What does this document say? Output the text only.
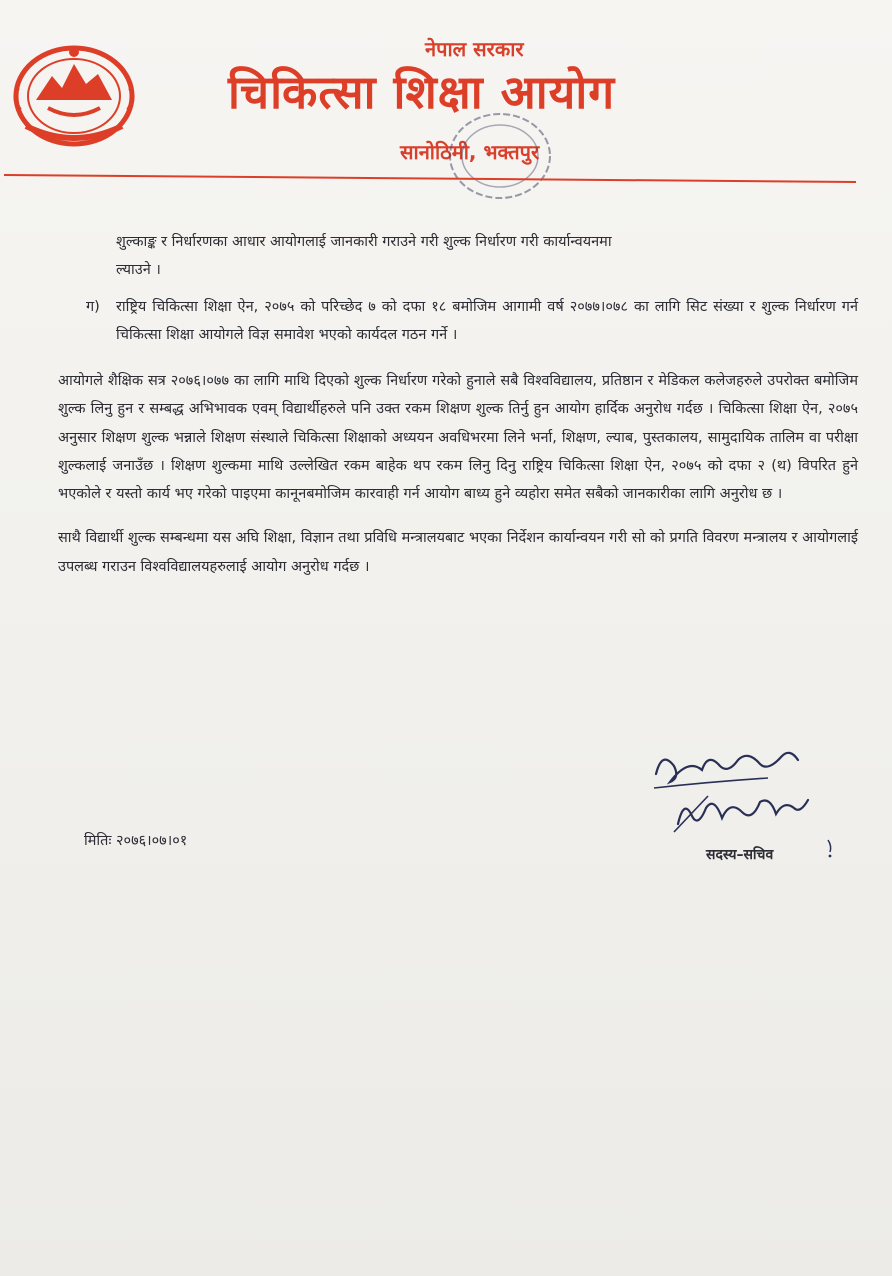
नेपाल सरकार
चिकित्सा शिक्षा आयोग
सानोठिमी, भक्तपुर

शुल्काङ्क र निर्धारणका आधार आयोगलाई जानकारी गराउने गरी शुल्क निर्धारण गरी कार्यान्वयनमा

ल्याउने ।

ग)	राष्ट्रिय चिकित्सा शिक्षा ऐन, २०७५ को परिच्छेद ७ को दफा १८ बमोजिम आगामी वर्ष २०७७।०७८ का लागि सिट संख्या र शुल्क निर्धारण गर्न चिकित्सा शिक्षा आयोगले विज्ञ समावेश भएको कार्यदल गठन गर्ने ।

आयोगले शैक्षिक सत्र २०७६।०७७ का लागि माथि दिएको शुल्क निर्धारण गरेको हुनाले सबै विश्वविद्यालय, प्रतिष्ठान र मेडिकल कलेजहरुले उपरोक्त बमोजिम शुल्क लिनु हुन र सम्बद्ध अभिभावक एवम् विद्यार्थीहरुले पनि उक्त रकम शिक्षण शुल्क तिर्नु हुन आयोग हार्दिक अनुरोध गर्दछ । चिकित्सा शिक्षा ऐन, २०७५ अनुसार शिक्षण शुल्क भन्नाले शिक्षण संस्थाले चिकित्सा शिक्षाको अध्ययन अवधिभरमा लिने भर्ना, शिक्षण, ल्याब, पुस्तकालय, सामुदायिक तालिम वा परीक्षा शुल्कलाई जनाउँछ । शिक्षण शुल्कमा माथि उल्लेखित रकम बाहेक थप रकम लिनु दिनु राष्ट्रिय चिकित्सा शिक्षा ऐन, २०७५ को दफा २ (थ) विपरित हुने भएकोले र यस्तो कार्य भए गरेको पाइएमा कानूनबमोजिम कारवाही गर्न आयोग बाध्य हुने व्यहोरा समेत सबैको जानकारीका लागि अनुरोध छ ।

साथै विद्यार्थी शुल्क सम्बन्धमा यस अघि शिक्षा, विज्ञान तथा प्रविधि मन्त्रालयबाट भएका निर्देशन कार्यान्वयन गरी सो को प्रगति विवरण मन्त्रालय र आयोगलाई उपलब्ध गराउन विश्वविद्यालयहरुलाई आयोग अनुरोध गर्दछ ।

मितिः २०७६।०७।०१
सदस्य–सचिव
